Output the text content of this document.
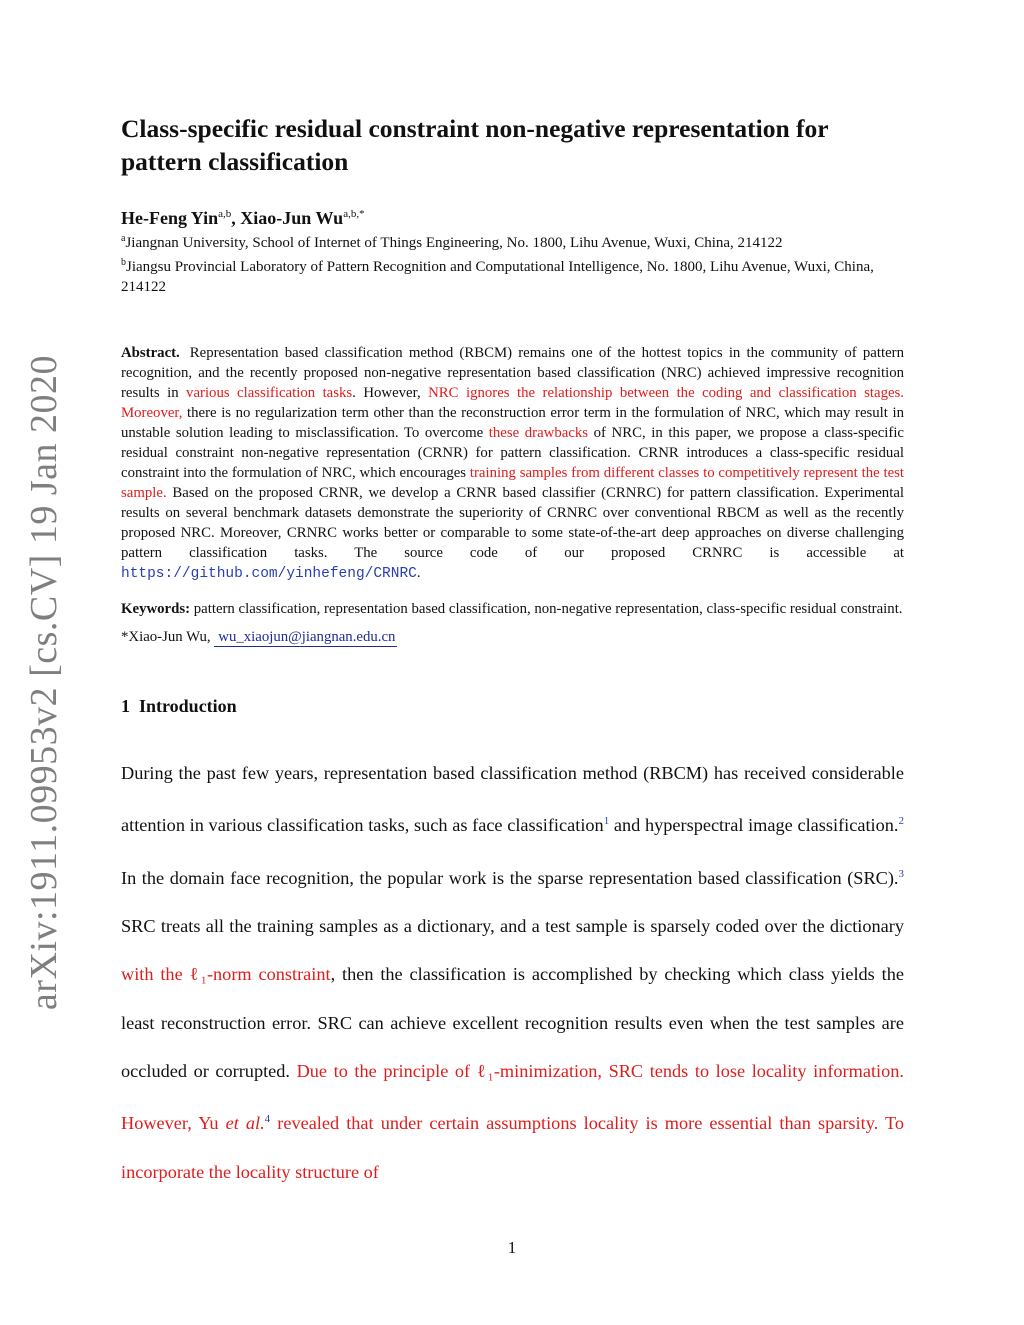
arXiv:1911.09953v2 [cs.CV] 19 Jan 2020
Class-specific residual constraint non-negative representation for pattern classification
He-Feng Yin$^{a,b}$, Xiao-Jun $Wu^{a,b,*}$
$^a$Jiangnan University, School of Internet of Things Engineering, No. 1800, Lihu Avenue, Wuxi, China, 214122
$^b$Jiangsu Provincial Laboratory of Pattern Recognition and Computational Intelligence, No. 1800, Lihu Avenue, Wuxi, China, 214122
Abstract. Representation based classification method (RBCM) remains one of the hottest topics in the community of pattern recognition, and the recently proposed non-negative representation based classification (NRC) achieved impressive recognition results in various classification tasks. However, NRC ignores the relationship between the coding and classification stages. Moreover, there is no regularization term other than the reconstruction error term in the formulation of NRC, which may result in unstable solution leading to misclassification. To overcome these drawbacks of NRC, in this paper, we propose a class-specific residual constraint non-negative representation (CRNR) for pattern classification. CRNR introduces a class-specific residual constraint into the formulation of NRC, which encourages training samples from different classes to competitively represent the test sample. Based on the proposed CRNR, we develop a CRNR based classifier (CRNRC) for pattern classification. Experimental results on several benchmark datasets demonstrate the superiority of CRNRC over conventional RBCM as well as the recently proposed NRC. Moreover, CRNRC works better or comparable to some state-of-the-art deep approaches on diverse challenging pattern classification tasks. The source code of our proposed CRNRC is accessible at https://github.com/yinhefeng/CRNRC.
Keywords: pattern classification, representation based classification, non-negative representation, class-specific residual constraint.
*Xiao-Jun Wu, wu_xiaojun@jiangnan.edu.cn
1 Introduction
During the past few years, representation based classification method (RBCM) has received considerable attention in various classification tasks, such as face classification$^1$ and hyperspectral image classification.$^2$ In the domain face recognition, the popular work is the sparse representation based classification (SRC).$^3$ SRC treats all the training samples as a dictionary, and a test sample is sparsely coded over the dictionary with the ℓ₁-norm constraint, then the classification is accomplished by checking which class yields the least reconstruction error. SRC can achieve excellent recognition results even when the test samples are occluded or corrupted. Due to the principle of ℓ₁-minimization, SRC tends to lose locality information. However, Yu et al.$^4$ revealed that under certain assumptions locality is more essential than sparsity. To incorporate the locality structure of
1
